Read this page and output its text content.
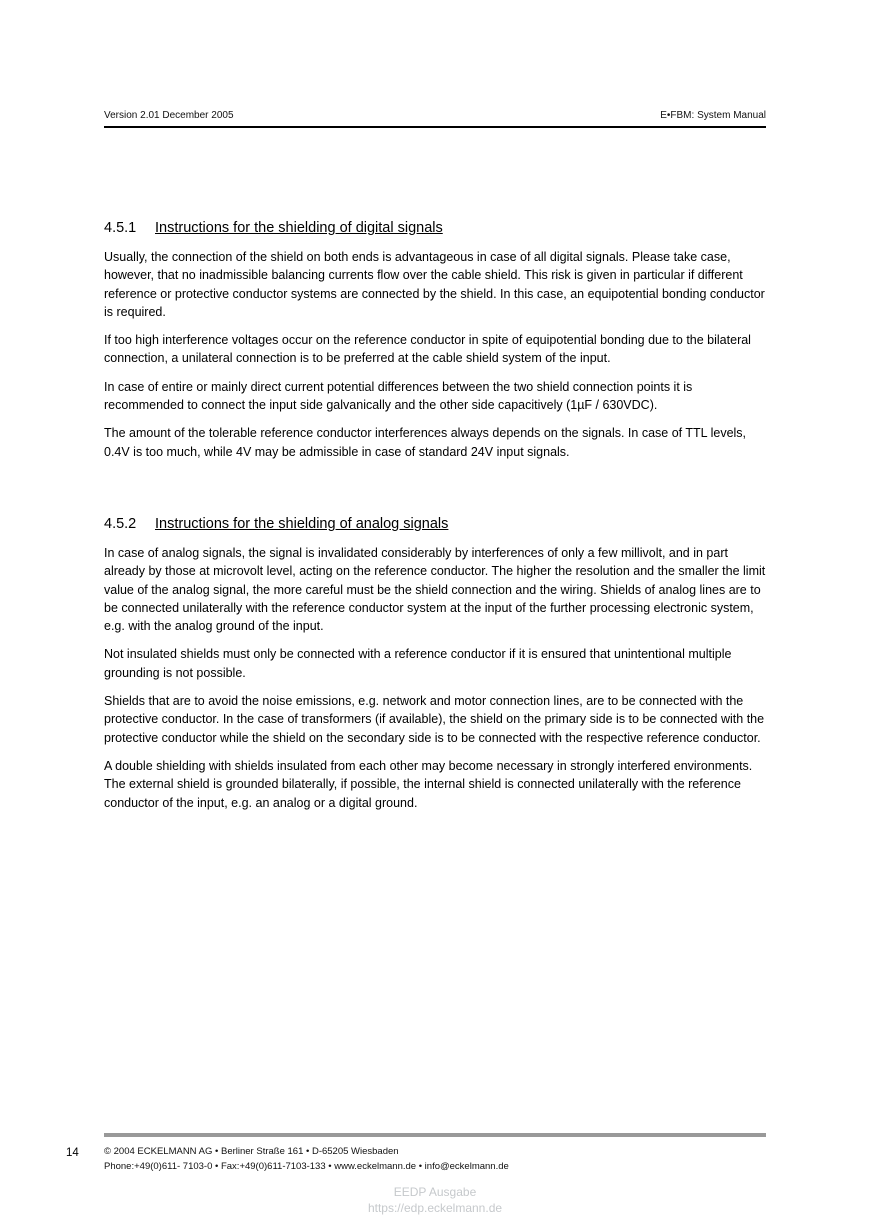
Version 2.01 December 2005	E•FBM: System Manual
4.5.1	Instructions for the shielding of digital signals

Usually, the connection of the shield on both ends is advantageous in case of all digital signals. Please take case, however, that no inadmissible balancing currents flow over the cable shield. This risk is given in particular if different reference or protective conductor systems are connected by the shield. In this case, an equipotential bonding conductor is required.

If too high interference voltages occur on the reference conductor in spite of equipotential bonding due to the bilateral connection, a unilateral connection is to be preferred at the cable shield system of the input.

In case of entire or mainly direct current potential differences between the two shield connection points it is recommended to connect the input side galvanically and the other side capacitively (1µF / 630VDC).

The amount of the tolerable reference conductor interferences always depends on the signals. In case of TTL levels, 0.4V is too much, while 4V may be admissible in case of standard 24V input signals.

4.5.2	Instructions for the shielding of analog signals

In case of analog signals, the signal is invalidated considerably by interferences of only a few millivolt, and in part already by those at microvolt level, acting on the reference conductor. The higher the resolution and the smaller the limit value of the analog signal, the more careful must be the shield connection and the wiring. Shields of analog lines are to be connected unilaterally with the reference conductor system at the input of the further processing electronic system, e.g. with the analog ground of the input.

Not insulated shields must only be connected with a reference conductor if it is ensured that unintentional multiple grounding is not possible.

Shields that are to avoid the noise emissions, e.g. network and motor connection lines, are to be connected with the protective conductor. In the case of transformers (if available), the shield on the primary side is to be connected with the protective conductor while the shield on the secondary side is to be connected with the respective reference conductor.

A double shielding with shields insulated from each other may become necessary in strongly interfered environments. The external shield is grounded bilaterally, if possible, the internal shield is connected unilaterally with the reference conductor of the input, e.g. an analog or a digital ground.

14	© 2004 ECKELMANN AG • Berliner Straße 161 • D-65205 Wiesbaden
Phone:+49(0)611- 7103-0 • Fax:+49(0)611-7103-133 • www.eckelmann.de • info@eckelmann.de
EEDP Ausgabe
https://edp.eckelmann.de
